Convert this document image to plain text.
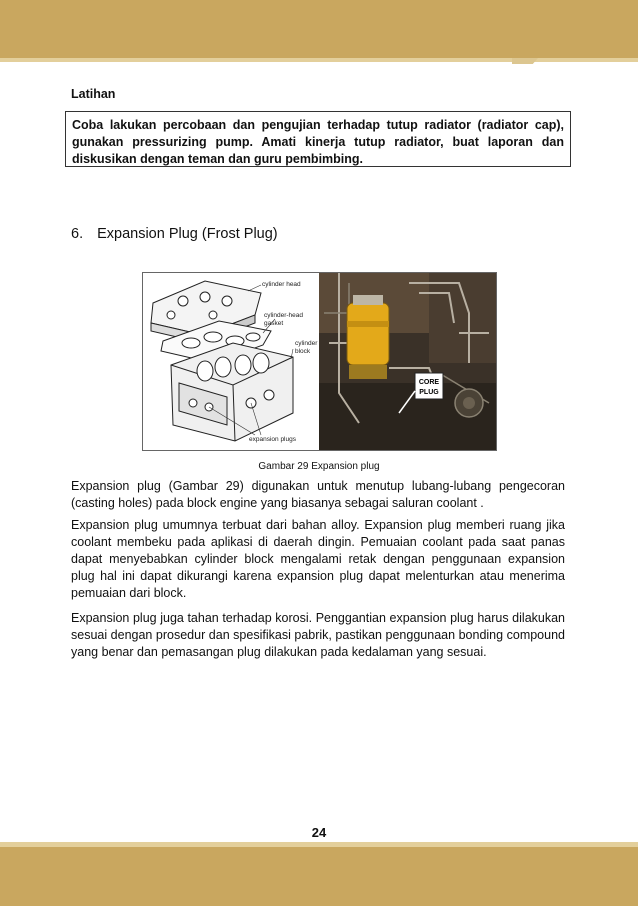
Latihan
Coba lakukan percobaan dan pengujian terhadap tutup radiator (radiator cap), gunakan pressurizing pump. Amati kinerja tutup radiator, buat laporan dan diskusikan dengan teman dan guru pembimbing.
6. Expansion Plug (Frost Plug)
cylinder head
cylinder-head
gasket
cylinder
block
expansion plugs
CORE
PLUG
Gambar 29 Expansion plug
Expansion plug (Gambar 29) digunakan untuk menutup lubang-lubang pengecoran (casting holes) pada block engine yang biasanya sebagai saluran coolant .
Expansion plug umumnya terbuat dari bahan alloy. Expansion plug memberi ruang jika coolant membeku pada aplikasi di daerah dingin. Pemuaian coolant pada saat panas dapat menyebabkan cylinder block mengalami retak dengan penggunaan expansion plug hal ini dapat dikurangi karena expansion plug dapat melenturkan atau menerima pemuaian dari block.
Expansion plug juga tahan terhadap korosi. Penggantian expansion plug harus dilakukan sesuai dengan prosedur dan spesifikasi pabrik, pastikan penggunaan bonding compound yang benar dan pemasangan plug dilakukan pada kedalaman yang sesuai.
24
